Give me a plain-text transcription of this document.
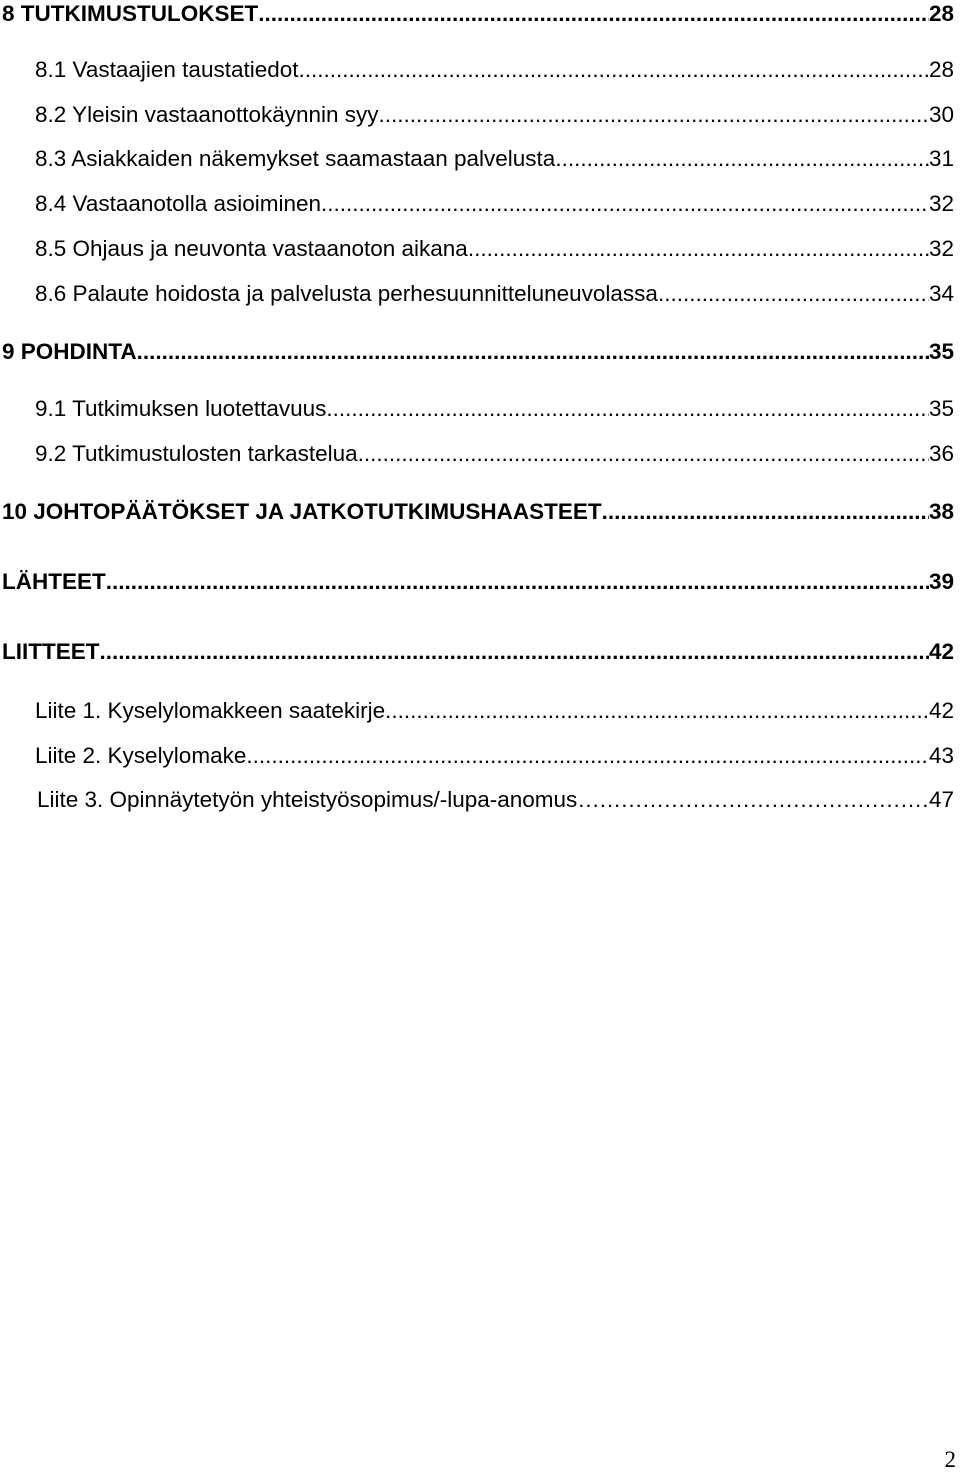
8 TUTKIMUSTULOKSET .....	28
8.1 Vastaajien taustatiedot .....	28
8.2 Yleisin vastaanottokäynnin syy .....	30
8.3 Asiakkaiden näkemykset saamastaan palvelusta .....	31
8.4 Vastaanotolla asioiminen .....	32
8.5 Ohjaus ja neuvonta vastaanoton aikana .....	32
8.6 Palaute hoidosta ja palvelusta perhesuunnitteluneuvolassa .....	34
9 POHDINTA .....	35
9.1 Tutkimuksen luotettavuus .....	35
9.2 Tutkimustulosten tarkastelua .....	36
10 JOHTOPÄÄTÖKSET JA JATKOTUTKIMUSHAASTEET .....	38
LÄHTEET .....	39
LIITTEET .....	42
Liite 1. Kyselylomakkeen saatekirje. .....	42
Liite 2. Kyselylomake .....	43
Liite 3. Opinnäytetyön yhteistyösopimus/-lupa-anomus ………………………………………………………………………………………………………………………………………………………………	47
2
